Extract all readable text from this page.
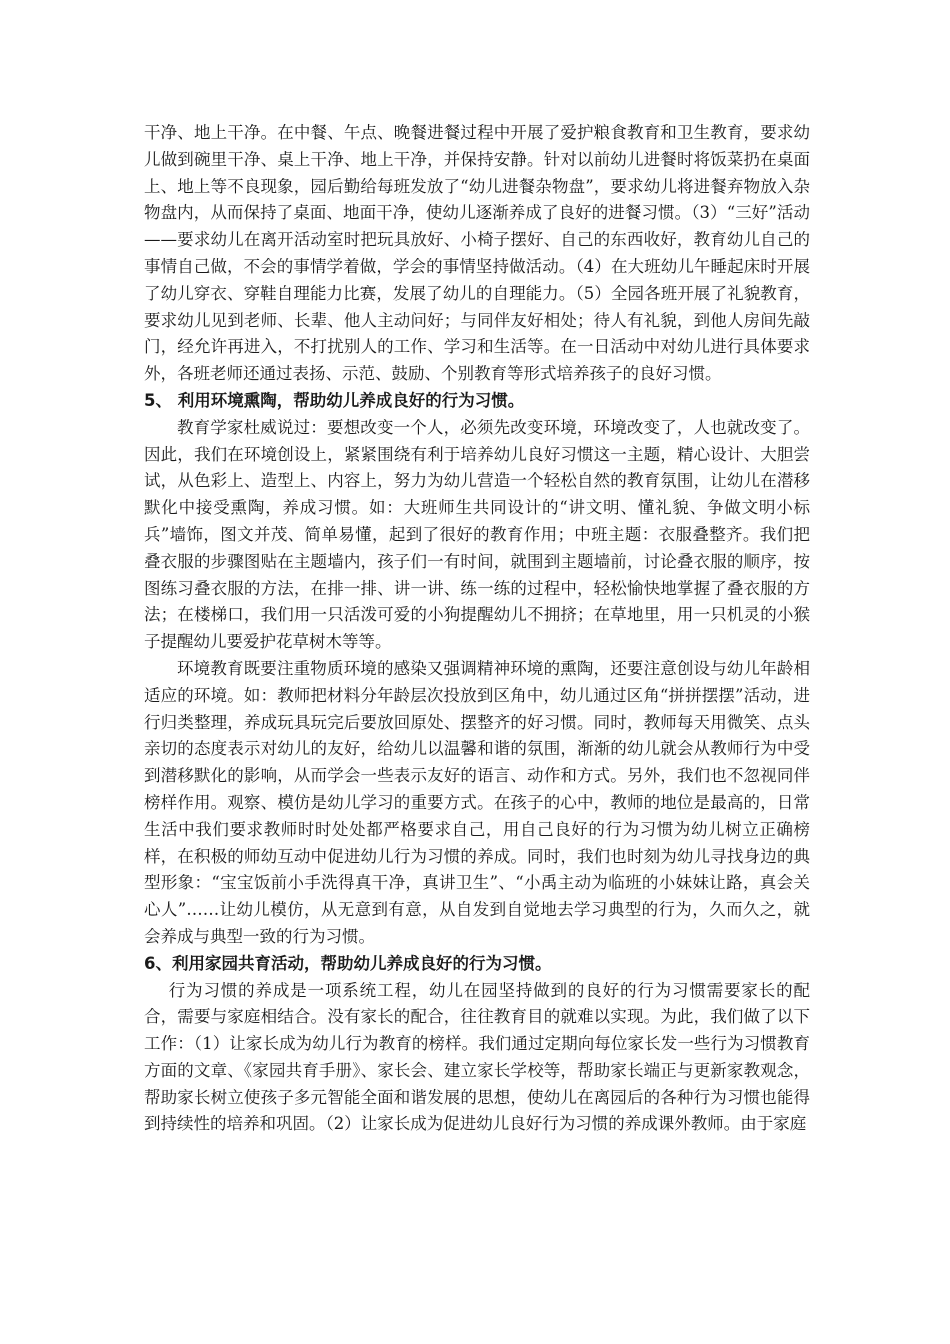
干净、地上干净。在中餐、午点、晚餐进餐过程中开展了爱护粮食教育和卫生教育，要求幼儿做到碗里干净、桌上干净、地上干净，并保持安静。针对以前幼儿进餐时将饭菜扔在桌面上、地上等不良现象，园后勤给每班发放了“幼儿进餐杂物盘”，要求幼儿将进餐弃物放入杂物盘内，从而保持了桌面、地面干净，使幼儿逐渐养成了良好的进餐习惯。（3）“三好”活动——要求幼儿在离开活动室时把玩具放好、小椅子摆好、自己的东西收好，教育幼儿自己的事情自己做，不会的事情学着做，学会的事情坚持做活动。（4）在大班幼儿午睡起床时开展了幼儿穿衣、穿鞋自理能力比赛，发展了幼儿的自理能力。（5）全园各班开展了礼貌教育，要求幼儿见到老师、长辈、他人主动问好；与同伴友好相处；待人有礼貌，到他人房间先敲门，经允许再进入，不打扰别人的工作、学习和生活等。在一日活动中对幼儿进行具体要求外，各班老师还通过表扬、示范、鼓励、个别教育等形式培养孩子的良好习惯。

5、 利用环境熏陶，帮助幼儿养成良好的行为习惯。

教育学家杜威说过：要想改变一个人，必须先改变环境，环境改变了，人也就改变了。因此，我们在环境创设上，紧紧围绕有利于培养幼儿良好习惯这一主题，精心设计、大胆尝试，从色彩上、造型上、内容上，努力为幼儿营造一个轻松自然的教育氛围，让幼儿在潜移默化中接受熏陶，养成习惯。如：大班师生共同设计的“讲文明、懂礼貌、争做文明小标兵”墙饰，图文并茂、简单易懂，起到了很好的教育作用；中班主题：衣服叠整齐。我们把叠衣服的步骤图贴在主题墙内，孩子们一有时间，就围到主题墙前，讨论叠衣服的顺序，按图练习叠衣服的方法，在排一排、讲一讲、练一练的过程中，轻松愉快地掌握了叠衣服的方法；在楼梯口，我们用一只活泼可爱的小狗提醒幼儿不拥挤；在草地里，用一只机灵的小猴子提醒幼儿要爱护花草树木等等。

环境教育既要注重物质环境的感染又强调精神环境的熏陶，还要注意创设与幼儿年龄相适应的环境。如：教师把材料分年龄层次投放到区角中，幼儿通过区角“拼拼摆摆”活动，进行归类整理，养成玩具玩完后要放回原处、摆整齐的好习惯。同时，教师每天用微笑、点头亲切的态度表示对幼儿的友好，给幼儿以温馨和谐的氛围，渐渐的幼儿就会从教师行为中受到潜移默化的影响，从而学会一些表示友好的语言、动作和方式。另外，我们也不忽视同伴榜样作用。观察、模仿是幼儿学习的重要方式。在孩子的心中，教师的地位是最高的，日常生活中我们要求教师时时处处都严格要求自己，用自己良好的行为习惯为幼儿树立正确榜样，在积极的师幼互动中促进幼儿行为习惯的养成。同时，我们也时刻为幼儿寻找身边的典型形象：“宝宝饭前小手洗得真干净，真讲卫生”、“小禹主动为临班的小妹妹让路，真会关心人”……让幼儿模仿，从无意到有意，从自发到自觉地去学习典型的行为，久而久之，就会养成与典型一致的行为习惯。

6、利用家园共育活动，帮助幼儿养成良好的行为习惯。

行为习惯的养成是一项系统工程，幼儿在园坚持做到的良好的行为习惯需要家长的配合，需要与家庭相结合。没有家长的配合，往往教育目的就难以实现。为此，我们做了以下工作：（1）让家长成为幼儿行为教育的榜样。我们通过定期向每位家长发一些行为习惯教育方面的文章、《家园共育手册》、家长会、建立家长学校等，帮助家长端正与更新家教观念，帮助家长树立使孩子多元智能全面和谐发展的思想，使幼儿在离园后的各种行为习惯也能得到持续性的培养和巩固。（2）让家长成为促进幼儿良好行为习惯的养成课外教师。由于家庭
